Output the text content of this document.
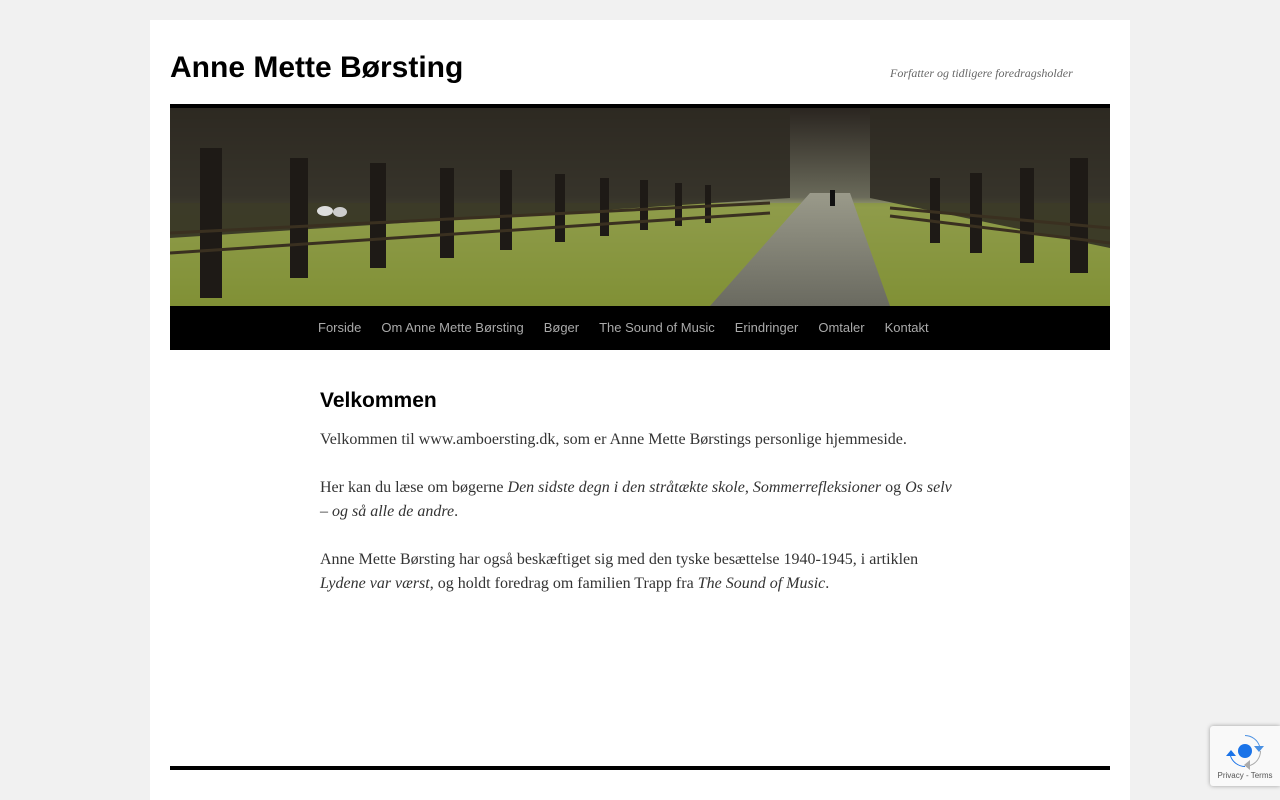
Anne Mette Børsting	Forfatter og tidligere foredragsholder
Forside	Om Anne Mette Børsting	Bøger	The Sound of Music	Erindringer	Omtaler	Kontakt
Velkommen

Velkommen til www.amboersting.dk, som er Anne Mette Børstings personlige hjemmeside.

Her kan du læse om bøgerne Den sidste degn i den stråtækte skole, Sommerrefleksioner og Os selv – og så alle de andre.

Anne Mette Børsting har også beskæftiget sig med den tyske besættelse 1940-1945, i artiklen Lydene var værst, og holdt foredrag om familien Trapp fra The Sound of Music.

Privacy - Terms
